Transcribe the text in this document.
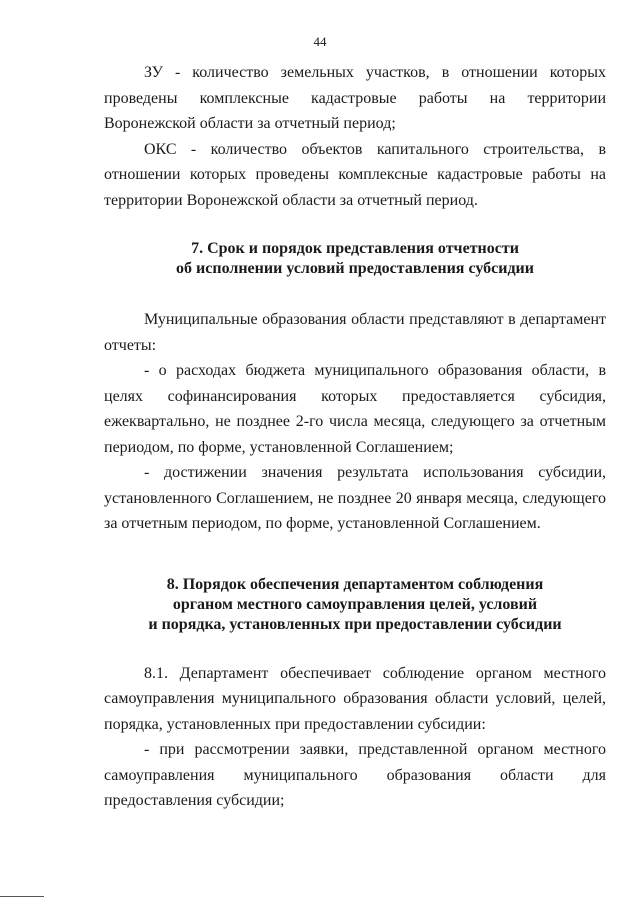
44

ЗУ - количество земельных участков, в отношении которых проведены комплексные кадастровые работы на территории Воронежской области за отчетный период;

ОКС - количество объектов капитального строительства, в отношении которых проведены комплексные кадастровые работы на территории Воронежской области за отчетный период.

7. Срок и порядок представления отчетности

об исполнении условий предоставления субсидии

Муниципальные образования области представляют в департамент отчеты:

- о расходах бюджета муниципального образования области, в целях софинансирования которых предоставляется субсидия, ежеквартально, не позднее 2-го числа месяца, следующего за отчетным периодом, по форме, установленной Соглашением;

- достижении значения результата использования субсидии, установленного Соглашением, не позднее 20 января месяца, следующего за отчетным периодом, по форме, установленной Соглашением.

8. Порядок обеспечения департаментом соблюдения

органом местного самоуправления целей, условий

и порядка, установленных при предоставлении субсидии

8.1. Департамент обеспечивает соблюдение органом местного самоуправления муниципального образования области условий, целей, порядка, установленных при предоставлении субсидии:

- при рассмотрении заявки, представленной органом местного самоуправления муниципального образования области для предоставления субсидии;
